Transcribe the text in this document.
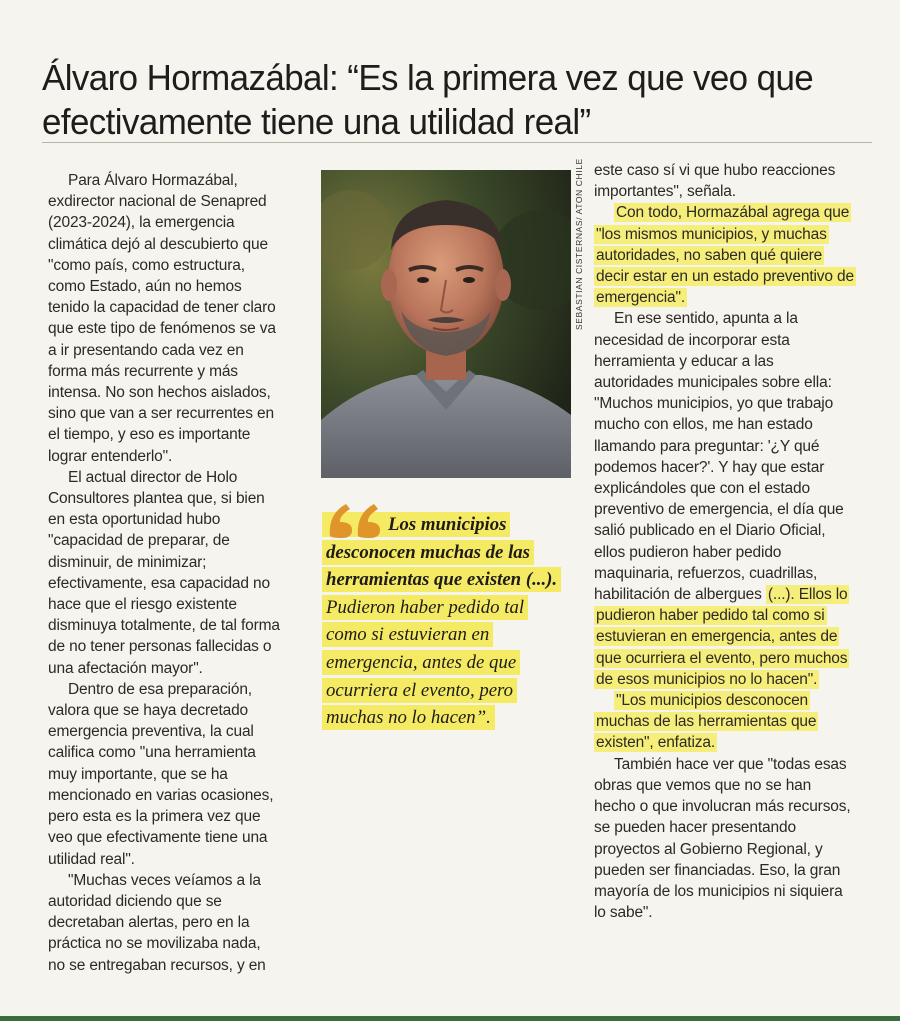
Álvaro Hormazábal: “Es la primera vez que veo que efectivamente tiene una utilidad real”

Para Álvaro Hormazábal, exdirector nacional de Senapred (2023-2024), la emergencia climática dejó al descubierto que "como país, como estructura, como Estado, aún no hemos tenido la capacidad de tener claro que este tipo de fenómenos se va a ir presentando cada vez en forma más recurrente y más intensa. No son hechos aislados, sino que van a ser recurrentes en el tiempo, y eso es importante lograr entenderlo".

El actual director de Holo Consultores plantea que, si bien en esta oportunidad hubo "capacidad de preparar, de disminuir, de minimizar; efectivamente, esa capacidad no hace que el riesgo existente disminuya totalmente, de tal forma de no tener personas fallecidas o una afectación mayor".

Dentro de esa preparación, valora que se haya decretado emergencia preventiva, la cual califica como "una herramienta muy importante, que se ha mencionado en varias ocasiones, pero esta es la primera vez que veo que efectivamente tiene una utilidad real".

"Muchas veces veíamos a la autoridad diciendo que se decretaban alertas, pero en la práctica no se movilizaba nada, no se entregaban recursos, y en

SEBASTIAN CISTERNAS/ ATON CHILE
Los municipios desconocen muchas de las herramientas que existen (...). Pudieron haber pedido tal como si estuvieran en emergencia, antes de que ocurriera el evento, pero muchas no lo hacen”.

este caso sí vi que hubo reacciones importantes", señala.

Con todo, Hormazábal agrega que "los mismos municipios, y muchas autoridades, no saben qué quiere decir estar en un estado preventivo de emergencia".

En ese sentido, apunta a la necesidad de incorporar esta herramienta y educar a las autoridades municipales sobre ella: "Muchos municipios, yo que trabajo mucho con ellos, me han estado llamando para preguntar: '¿Y qué podemos hacer?'. Y hay que estar explicándoles que con el estado preventivo de emergencia, el día que salió publicado en el Diario Oficial, ellos pudieron haber pedido maquinaria, refuerzos, cuadrillas, habilitación de albergues (...). Ellos lo pudieron haber pedido tal como si estuvieran en emergencia, antes de que ocurriera el evento, pero muchos de esos municipios no lo hacen".

"Los municipios desconocen muchas de las herramientas que existen", enfatiza.

También hace ver que "todas esas obras que vemos que no se han hecho o que involucran más recursos, se pueden hacer presentando proyectos al Gobierno Regional, y pueden ser financiadas. Eso, la gran mayoría de los municipios ni siquiera lo sabe".
